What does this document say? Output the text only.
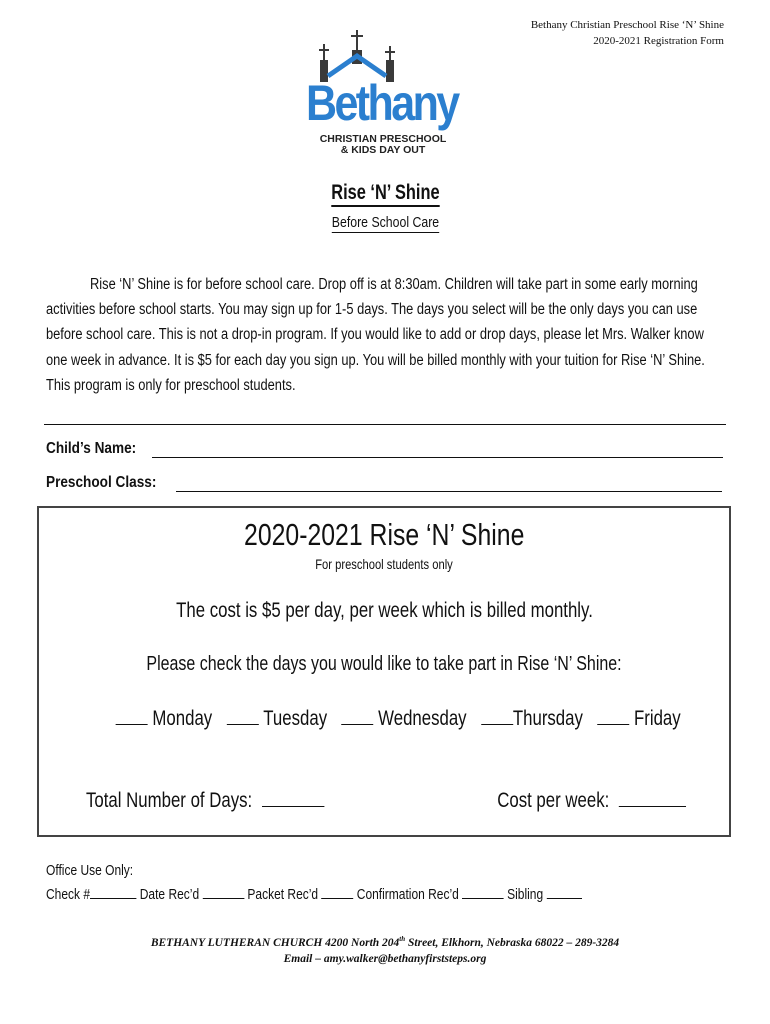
Bethany Christian Preschool Rise ‘N’ Shine
2020-2021 Registration Form
Bethany
CHRISTIAN PRESCHOOL
& KIDS DAY OUT
Rise ‘N’ Shine
Before School Care
Rise ‘N’ Shine is for before school care. Drop off is at 8:30am. Children will take part in some early morning activities before school starts. You may sign up for 1-5 days. The days you select will be the only days you can use before school care. This is not a drop-in program. If you would like to add or drop days, please let Mrs. Walker know one week in advance. It is $5 for each day you sign up. You will be billed monthly with your tuition for Rise ‘N’ Shine. This program is only for preschool students.
Child’s Name:
Preschool Class:
2020-2021 Rise ‘N’ Shine
For preschool students only
The cost is $5 per day, per week which is billed monthly.
Please check the days you would like to take part in Rise ‘N’ Shine:
Monday Tuesday Wednesday Thursday Friday
Total Number of Days:	Cost per week:
Office Use Only:
Check #	Date Rec’d	Packet Rec’d	Confirmation Rec’d	Sibling
BETHANY LUTHERAN CHURCH 4200 North 204th Street, Elkhorn, Nebraska 68022 – 289-3284
Email – amy.walker@bethanyfirststeps.org
